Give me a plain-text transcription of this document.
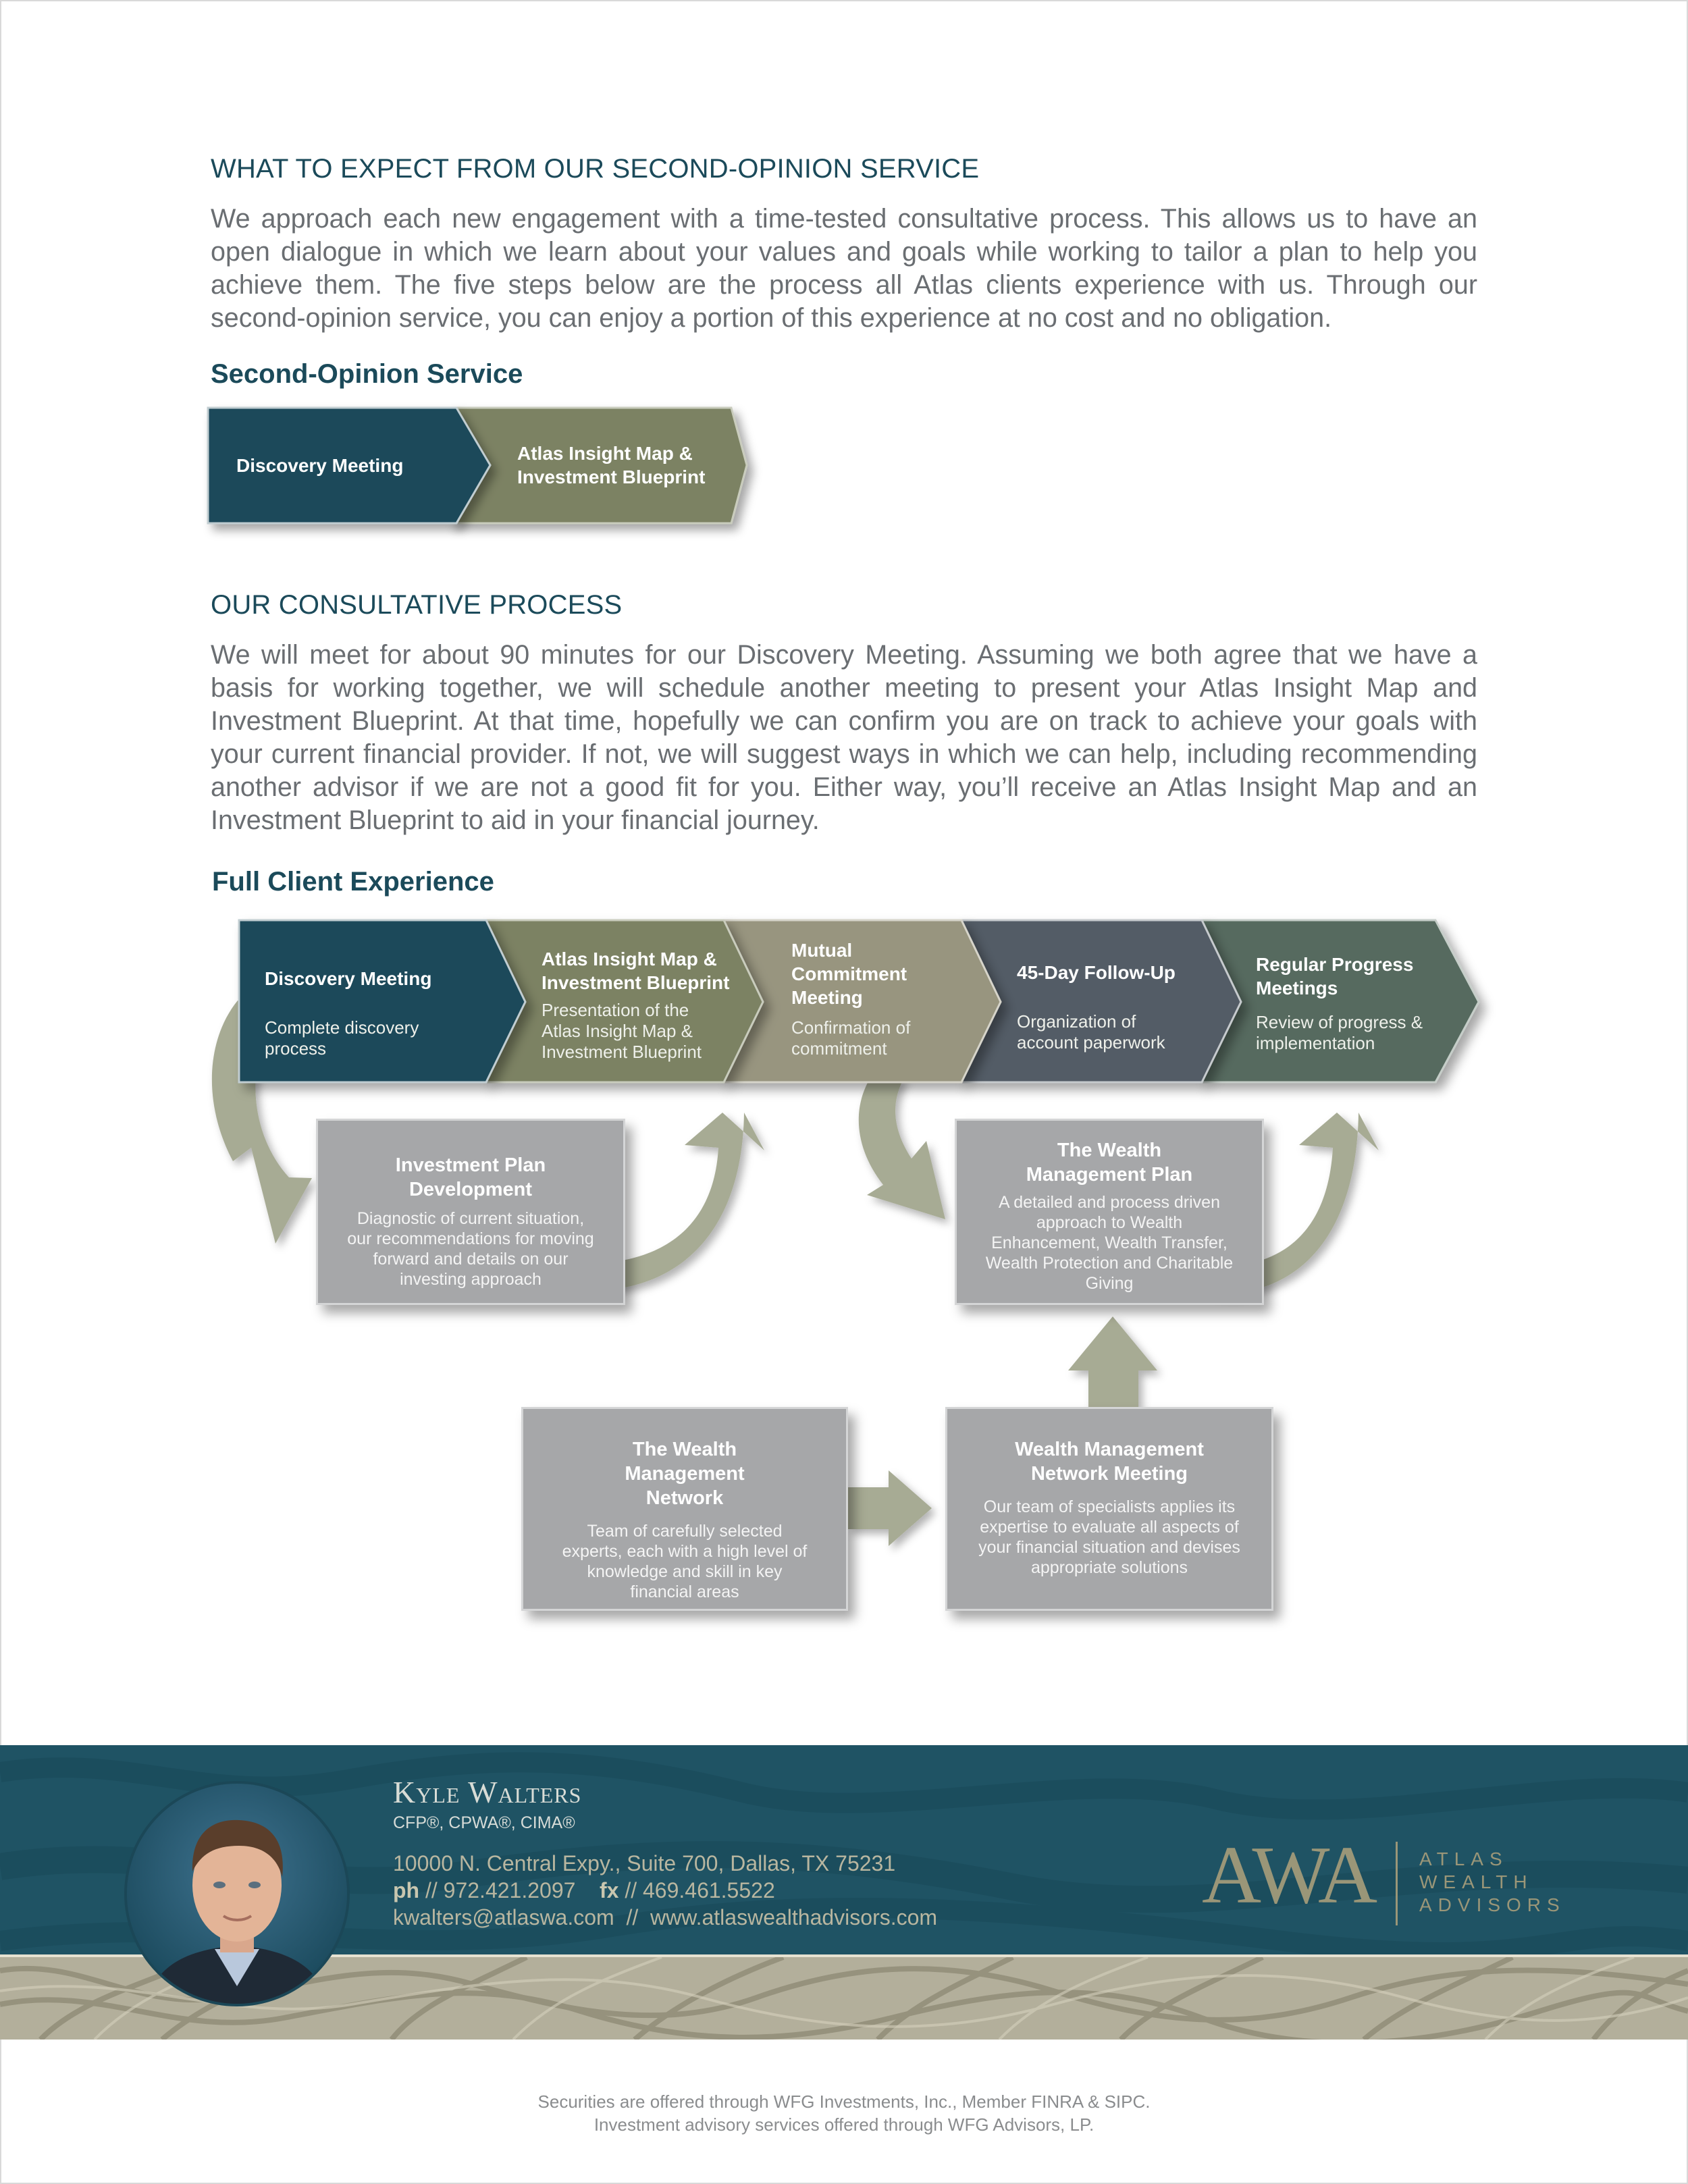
WHAT TO EXPECT FROM OUR SECOND-OPINION SERVICE

We approach each new engagement with a time-tested consultative process. This allows us to have an open dialogue in which we learn about your values and goals while working to tailor a plan to help you achieve them. The five steps below are the process all Atlas clients experience with us. Through our second-opinion service, you can enjoy a portion of this experience at no cost and no obligation.

Second-Opinion Service
Discovery Meeting
Atlas Insight Map & Investment Blueprint
OUR CONSULTATIVE PROCESS

We will meet for about 90 minutes for our Discovery Meeting. Assuming we both agree that we have a basis for working together, we will schedule another meeting to present your Atlas Insight Map and Investment Blueprint. At that time, hopefully we can confirm you are on track to achieve your goals with your current financial provider. If not, we will suggest ways in which we can help, including recommending another advisor if we are not a good fit for you. Either way, you’ll receive an Atlas Insight Map and an Investment Blueprint to aid in your financial journey.

Full Client Experience
Discovery Meeting
Complete discovery process
Atlas Insight Map & Investment Blueprint
Presentation of the Atlas Insight Map & Investment Blueprint
Mutual Commitment Meeting
Confirmation of commitment
45-Day Follow-Up
Organization of account paperwork
Regular Progress Meetings
Review of progress & implementation
Investment Plan Development
Diagnostic of current situation, our recommendations for moving forward and details on our investing approach
The Wealth Management Plan
A detailed and process driven approach to Wealth Enhancement, Wealth Transfer, Wealth Protection and Charitable Giving
The Wealth Management Network
Team of carefully selected experts, each with a high level of knowledge and skill in key financial areas
Wealth Management Network Meeting
Our team of specialists applies its expertise to evaluate all aspects of your financial situation and devises appropriate solutions
Kyle Walters
CFP®, CPWA®, CIMA®
10000 N. Central Expy., Suite 700, Dallas, TX 75231
ph // 972.421.2097 fx // 469.461.5522
kwalters@atlaswa.com // www.atlaswealthadvisors.com	AWA ATLAS
WEALTH
ADVISORS
Securities are offered through WFG Investments, Inc., Member FINRA & SIPC.
Investment advisory services offered through WFG Advisors, LP.
